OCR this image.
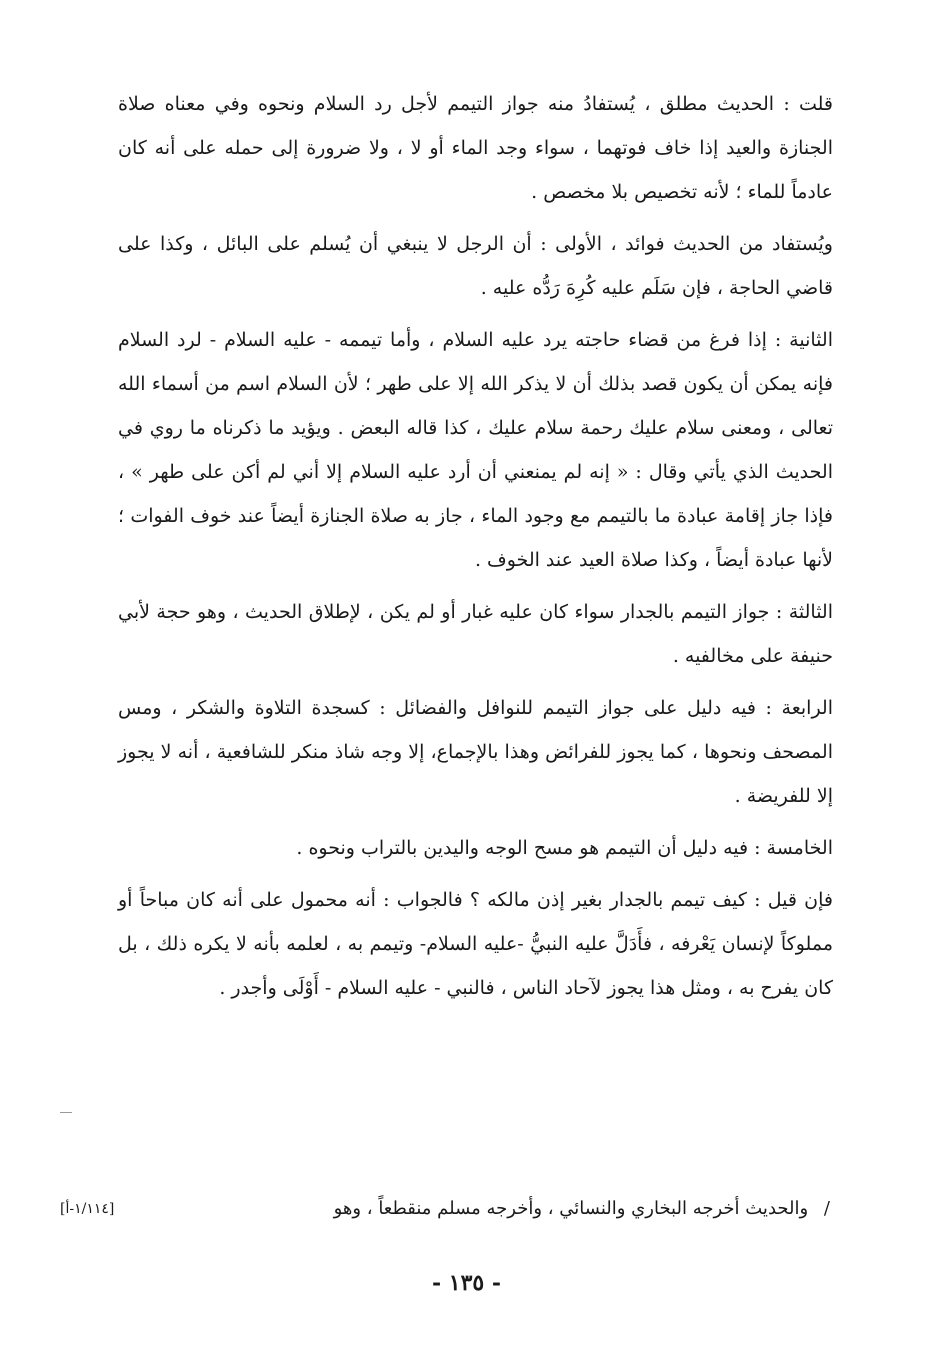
قلت : الحديث مطلق ، يُستفادُ منه جواز التيمم لأجل رد السلام ونحوه وفي معناه صلاة الجنازة والعيد إذا خاف فوتهما ، سواء وجد الماء أو لا ، ولا ضرورة إلى حمله على أنه كان عادماً للماء ؛ لأنه تخصيص بلا مخصص .

ويُستفاد من الحديث فوائد ، الأولى : أن الرجل لا ينبغي أن يُسلم على البائل ، وكذا على قاضي الحاجة ، فإن سَلَم عليه كُرِهَ رَدُّه عليه .

الثانية : إذا فرغ من قضاء حاجته يرد عليه السلام ، وأما تيممه - عليه السلام - لرد السلام فإنه يمكن أن يكون قصد بذلك أن لا يذكر الله إلا على طهر ؛ لأن السلام اسم من أسماء الله تعالى ، ومعنى سلام عليك رحمة سلام عليك ، كذا قاله البعض . ويؤيد ما ذكرناه ما روي في الحديث الذي يأتي وقال : « إنه لم يمنعني أن أرد عليه السلام إلا أني لم أكن على طهر » ، فإذا جاز إقامة عبادة ما بالتيمم مع وجود الماء ، جاز به صلاة الجنازة أيضاً عند خوف الفوات ؛ لأنها عبادة أيضاً ، وكذا صلاة العيد عند الخوف .

الثالثة : جواز التيمم بالجدار سواء كان عليه غبار أو لم يكن ، لإطلاق الحديث ، وهو حجة لأبي حنيفة على مخالفيه .

الرابعة : فيه دليل على جواز التيمم للنوافل والفضائل : كسجدة التلاوة والشكر ، ومس المصحف ونحوها ، كما يجوز للفرائض وهذا بالإجماع، إلا وجه شاذ منكر للشافعية ، أنه لا يجوز إلا للفريضة .

الخامسة : فيه دليل أن التيمم هو مسح الوجه واليدين بالتراب ونحوه .

فإن قيل : كيف تيمم بالجدار بغير إذن مالكه ؟ فالجواب : أنه محمول على أنه كان مباحاً أو مملوكاً لإنسان يَعْرفه ، فأَدَلَّ عليه النبيُّ -عليه السلام- وتيمم به ، لعلمه بأنه لا يكره ذلك ، بل كان يفرح به ، ومثل هذا يجوز لآحاد الناس ، فالنبي - عليه السلام - أَوْلَى وأجدر .

/ والحديث أخرجه البخاري والنسائي ، وأخرجه مسلم منقطعاً ، وهو
[١/١١٤-أ]
- ١٣٥ -
